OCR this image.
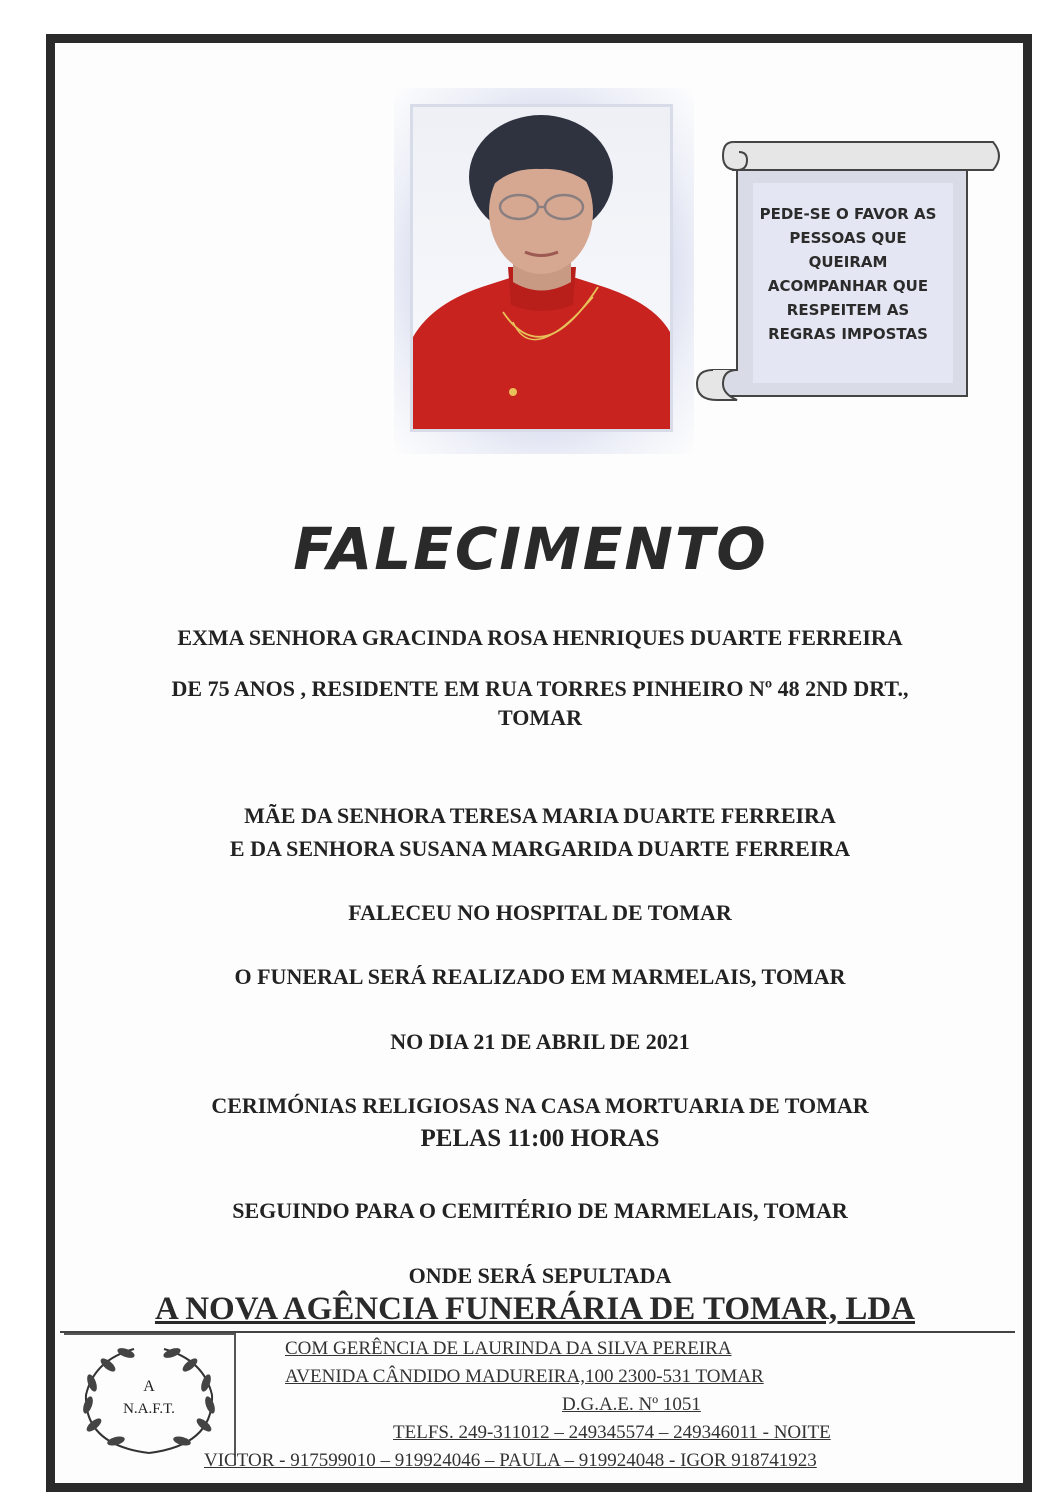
PEDE-SE O FAVOR AS
PESSOAS QUE
QUEIRAM
ACOMPANHAR QUE
RESPEITEM AS
REGRAS IMPOSTAS
FALECIMENTO
EXMA SENHORA GRACINDA ROSA HENRIQUES DUARTE FERREIRA
DE 75 ANOS , RESIDENTE EM RUA TORRES PINHEIRO Nº 48 2ND DRT.,
TOMAR
MÃE DA SENHORA TERESA MARIA DUARTE FERREIRA
E DA SENHORA SUSANA MARGARIDA DUARTE FERREIRA
FALECEU NO HOSPITAL DE TOMAR
O FUNERAL SERÁ REALIZADO EM MARMELAIS, TOMAR
NO DIA 21 DE ABRIL DE 2021
CERIMÓNIAS RELIGIOSAS NA CASA MORTUARIA DE TOMAR
PELAS 11:00 HORAS
SEGUINDO PARA O CEMITÉRIO DE MARMELAIS, TOMAR
ONDE SERÁ SEPULTADA
A NOVA AGÊNCIA FUNERÁRIA DE TOMAR, LDA
A
N.A.F.T.
COM GERÊNCIA DE LAURINDA DA SILVA PEREIRA
AVENIDA CÂNDIDO MADUREIRA,100 2300-531 TOMAR
D.G.A.E. Nº 1051
TELFS. 249-311012 – 249345574 – 249346011 - NOITE
VICTOR - 917599010 – 919924046 – PAULA – 919924048 - IGOR 918741923
